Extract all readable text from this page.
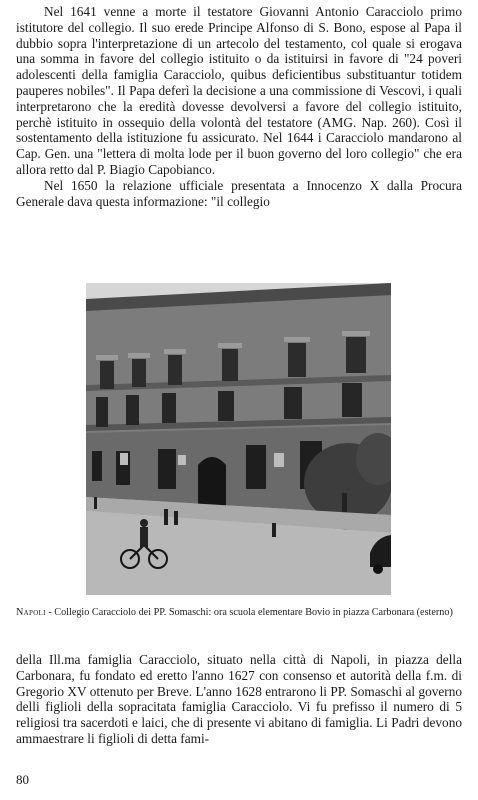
Nel 1641 venne a morte il testatore Giovanni Antonio Caracciolo primo istitutore del collegio. Il suo erede Principe Alfonso di S. Bono, espose al Papa il dubbio sopra l'interpretazione di un artecolo del testamento, col quale si erogava una somma in favore del collegio istituito o da istituirsi in favore di "24 poveri adolescenti della famiglia Caracciolo, quibus deficientibus substituantur totidem pauperes nobiles". Il Papa deferì la decisione a una commissione di Vescovi, i quali interpretarono che la eredità dovesse devolversi a favore del collegio istituito, perchè istituito in ossequio della volontà del testatore (AMG. Nap. 260). Così il sostentamento della istituzione fu assicurato. Nel 1644 i Caracciolo mandarono al Cap. Gen. una "lettera di molta lode per il buon governo del loro collegio" che era allora retto dal P. Biagio Capobianco.

Nel 1650 la relazione ufficiale presentata a Innocenzo X dalla Procura Generale dava questa informazione: "il collegio

Napoli - Collegio Caracciolo dei PP. Somaschi: ora scuola elementare Bovio in piazza Carbonara (esterno)

della Ill.ma famiglia Caracciolo, situato nella città di Napoli, in piazza della Carbonara, fu fondato ed eretto l'anno 1627 con consenso et autorità della f.m. di Gregorio XV ottenuto per Breve. L'anno 1628 entrarono li PP. Somaschi al governo delli figlioli della sopracitata famiglia Caracciolo. Vi fu prefisso il numero di 5 religiosi tra sacerdoti e laici, che di presente vi abitano di famiglia. Li Padri devono ammaestrare li figlioli di detta fami-

80
